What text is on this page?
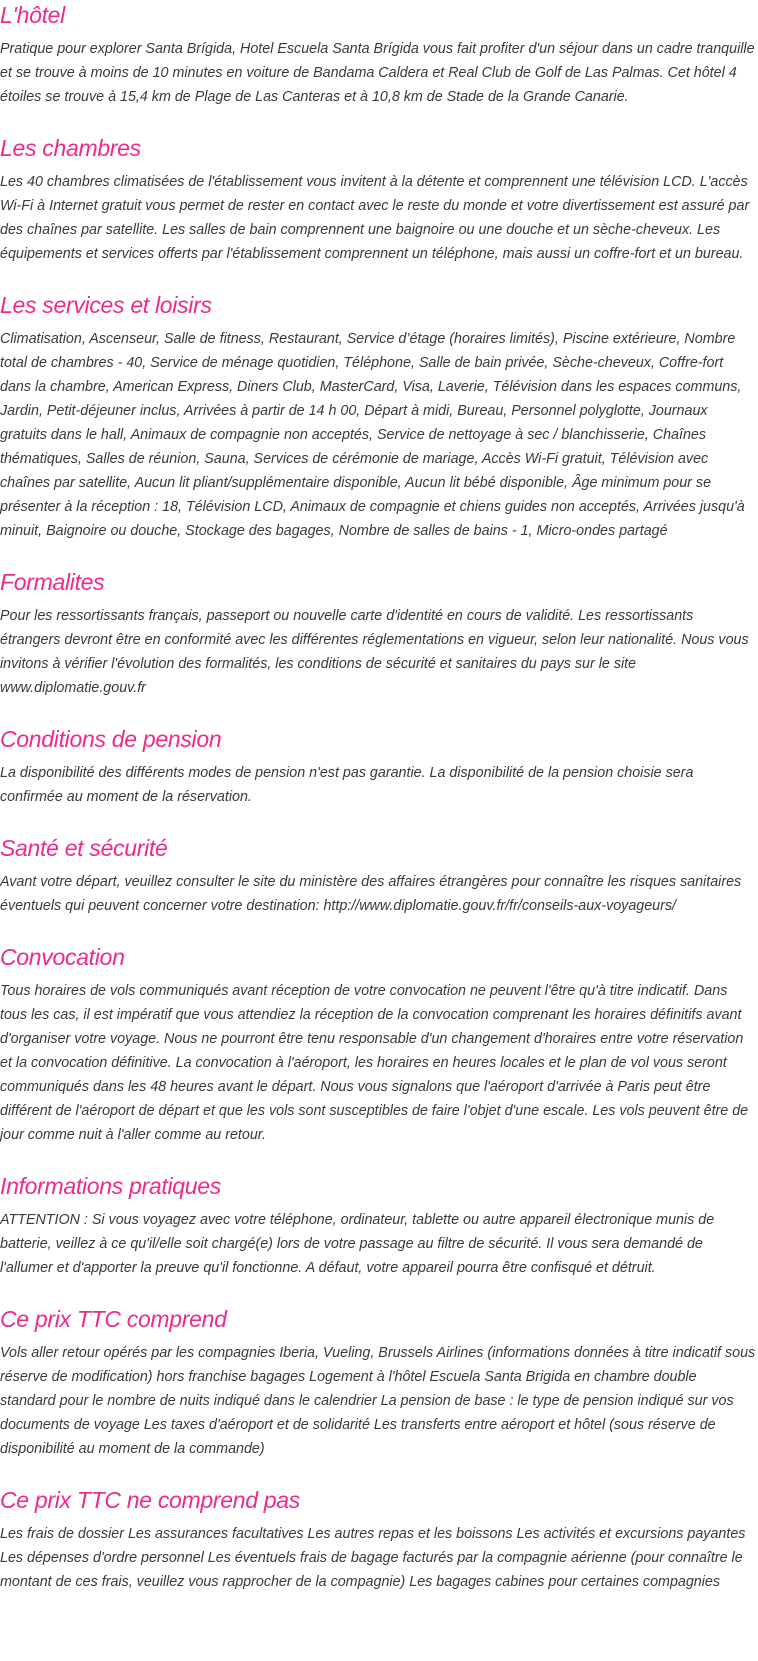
L'hôtel

Pratique pour explorer Santa Brígida, Hotel Escuela Santa Brígida vous fait profiter d'un séjour dans un cadre tranquille et se trouve à moins de 10 minutes en voiture de Bandama Caldera et Real Club de Golf de Las Palmas. Cet hôtel 4 étoiles se trouve à 15,4 km de Plage de Las Canteras et à 10,8 km de Stade de la Grande Canarie.

Les chambres

Les 40 chambres climatisées de l'établissement vous invitent à la détente et comprennent une télévision LCD. L'accès Wi-Fi à Internet gratuit vous permet de rester en contact avec le reste du monde et votre divertissement est assuré par des chaînes par satellite. Les salles de bain comprennent une baignoire ou une douche et un sèche-cheveux. Les équipements et services offerts par l'établissement comprennent un téléphone, mais aussi un coffre-fort et un bureau.

Les services et loisirs

Climatisation, Ascenseur, Salle de fitness, Restaurant, Service d’étage (horaires limités), Piscine extérieure, Nombre total de chambres - 40, Service de ménage quotidien, Téléphone, Salle de bain privée, Sèche-cheveux, Coffre-fort dans la chambre, American Express, Diners Club, MasterCard, Visa, Laverie, Télévision dans les espaces communs, Jardin, Petit-déjeuner inclus, Arrivées à partir de 14 h 00, Départ à midi, Bureau, Personnel polyglotte, Journaux gratuits dans le hall, Animaux de compagnie non acceptés, Service de nettoyage à sec / blanchisserie, Chaînes thématiques, Salles de réunion, Sauna, Services de cérémonie de mariage, Accès Wi-Fi gratuit, Télévision avec chaînes par satellite, Aucun lit pliant/supplémentaire disponible, Aucun lit bébé disponible, Âge minimum pour se présenter à la réception : 18, Télévision LCD, Animaux de compagnie et chiens guides non acceptés, Arrivées jusqu'à minuit, Baignoire ou douche, Stockage des bagages, Nombre de salles de bains - 1, Micro-ondes partagé

Formalites

Pour les ressortissants français, passeport ou nouvelle carte d'identité en cours de validité. Les ressortissants étrangers devront être en conformité avec les différentes réglementations en vigueur, selon leur nationalité. Nous vous invitons à vérifier l'évolution des formalités, les conditions de sécurité et sanitaires du pays sur le site www.diplomatie.gouv.fr

Conditions de pension

La disponibilité des différents modes de pension n'est pas garantie. La disponibilité de la pension choisie sera confirmée au moment de la réservation.

Santé et sécurité

Avant votre départ, veuillez consulter le site du ministère des affaires étrangères pour connaître les risques sanitaires éventuels qui peuvent concerner votre destination: http://www.diplomatie.gouv.fr/fr/conseils-aux-voyageurs/

Convocation

Tous horaires de vols communiqués avant réception de votre convocation ne peuvent l'être qu'à titre indicatif. Dans tous les cas, il est impératif que vous attendiez la réception de la convocation comprenant les horaires définitifs avant d'organiser votre voyage. Nous ne pourront être tenu responsable d'un changement d'horaires entre votre réservation et la convocation définitive. La convocation à l'aéroport, les horaires en heures locales et le plan de vol vous seront communiqués dans les 48 heures avant le départ. Nous vous signalons que l'aéroport d'arrivée à Paris peut être différent de l'aéroport de départ et que les vols sont susceptibles de faire l'objet d'une escale. Les vols peuvent être de jour comme nuit à l'aller comme au retour.

Informations pratiques

ATTENTION : Si vous voyagez avec votre téléphone, ordinateur, tablette ou autre appareil électronique munis de batterie, veillez à ce qu'il/elle soit chargé(e) lors de votre passage au filtre de sécurité. Il vous sera demandé de l'allumer et d'apporter la preuve qu'il fonctionne. A défaut, votre appareil pourra être confisqué et détruit.

Ce prix TTC comprend

Vols aller retour opérés par les compagnies Iberia, Vueling, Brussels Airlines (informations données à titre indicatif sous réserve de modification) hors franchise bagages Logement à l'hôtel Escuela Santa Brigida en chambre double standard pour le nombre de nuits indiqué dans le calendrier La pension de base : le type de pension indiqué sur vos documents de voyage Les taxes d'aéroport et de solidarité Les transferts entre aéroport et hôtel (sous réserve de disponibilité au moment de la commande)

Ce prix TTC ne comprend pas

Les frais de dossier Les assurances facultatives Les autres repas et les boissons Les activités et excursions payantes Les dépenses d'ordre personnel Les éventuels frais de bagage facturés par la compagnie aérienne (pour connaître le montant de ces frais, veuillez vous rapprocher de la compagnie) Les bagages cabines pour certaines compagnies
